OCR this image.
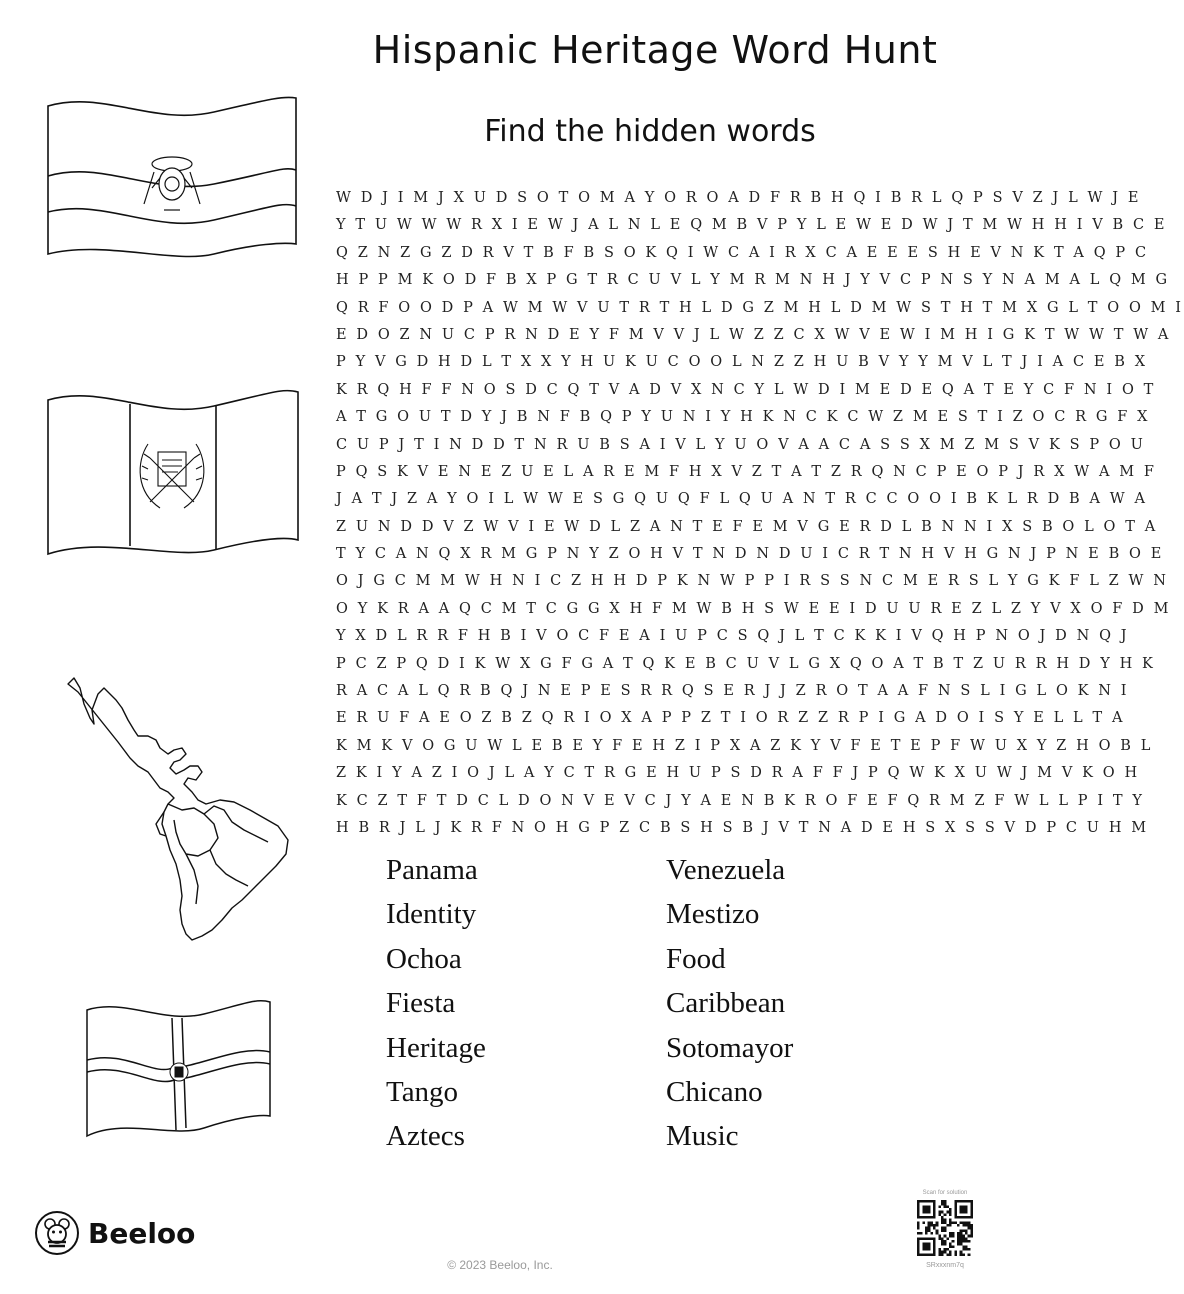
Hispanic Heritage Word Hunt
Find the hidden words
W D J I M J X U D S O T O M A Y O R O A D F R B H Q I B R L Q P S V Z J L W J E
Y T U W W W R X I E W J A L N L E Q M B V P Y L E W E D W J T M W H H I V B C E
Q Z N Z G Z D R V T B F B S O K Q I W C A I R X C A E E E S H E V N K T A Q P C
H P P M K O D F B X P G T R C U V L Y M R M N H J Y V C P N S Y N A M A L Q M G
Q R F O O D P A W M W V U T R T H L D G Z M H L D M W S T H T M X G L T O O M I
E D O Z N U C P R N D E Y F M V V J L W Z Z C X W V E W I M H I G K T W W T W A
P Y V G D H D L T X X Y H U K U C O O L N Z Z H U B V Y Y M V L T J I A C E B X
K R Q H F F N O S D C Q T V A D V X N C Y L W D I M E D E Q A T E Y C F N I O T
A T G O U T D Y J B N F B Q P Y U N I Y H K N C K C W Z M E S T I Z O C R G F X
C U P J T I N D D T N R U B S A I V L Y U O V A A C A S S X M Z M S V K S P O U
P Q S K V E N E Z U E L A R E M F H X V Z T A T Z R Q N C P E O P J R X W A M F
J A T J Z A Y O I L W W E S G Q U Q F L Q U A N T R C C O O I B K L R D B A W A
Z U N D D V Z W V I E W D L Z A N T E F E M V G E R D L B N N I X S B O L O T A
T Y C A N Q X R M G P N Y Z O H V T N D N D U I C R T N H V H G N J P N E B O E
O J G C M M W H N I C Z H H D P K N W P P I R S S N C M E R S L Y G K F L Z W N
O Y K R A A Q C M T C G G X H F M W B H S W E E I D U U R E Z L Z Y V X O F D M
Y X D L R R F H B I V O C F E A I U P C S Q J L T C K K I V Q H P N O J D N Q J
P C Z P Q D I K W X G F G A T Q K E B C U V L G X Q O A T B T Z U R R H D Y H K
R A C A L Q R B Q J N E P E S R R Q S E R J J Z R O T A A F N S L I G L O K N I
E R U F A E O Z B Z Q R I O X A P P Z T I O R Z Z R P I G A D O I S Y E L L T A
K M K V O G U W L E B E Y F E H Z I P X A Z K Y V F E T E P F W U X Y Z H O B L
Z K I Y A Z I O J L A Y C T R G E H U P S D R A F F J P Q W K X U W J M V K O H
K C Z T F T D C L D O N V E V C J Y A E N B K R O F E F Q R M Z F W L L P I T Y
H B R J L J K R F N O H G P Z C B S H S B J V T N A D E H S X S S V D P C U H M
Panama	Venezuela
Identity	Mestizo
Ochoa	Food
Fiesta	Caribbean
Heritage	Sotomayor
Tango	Chicano
Aztecs	Music
Beeloo
© 2023 Beeloo, Inc.
Scan for solution
SRxxxnm7q
